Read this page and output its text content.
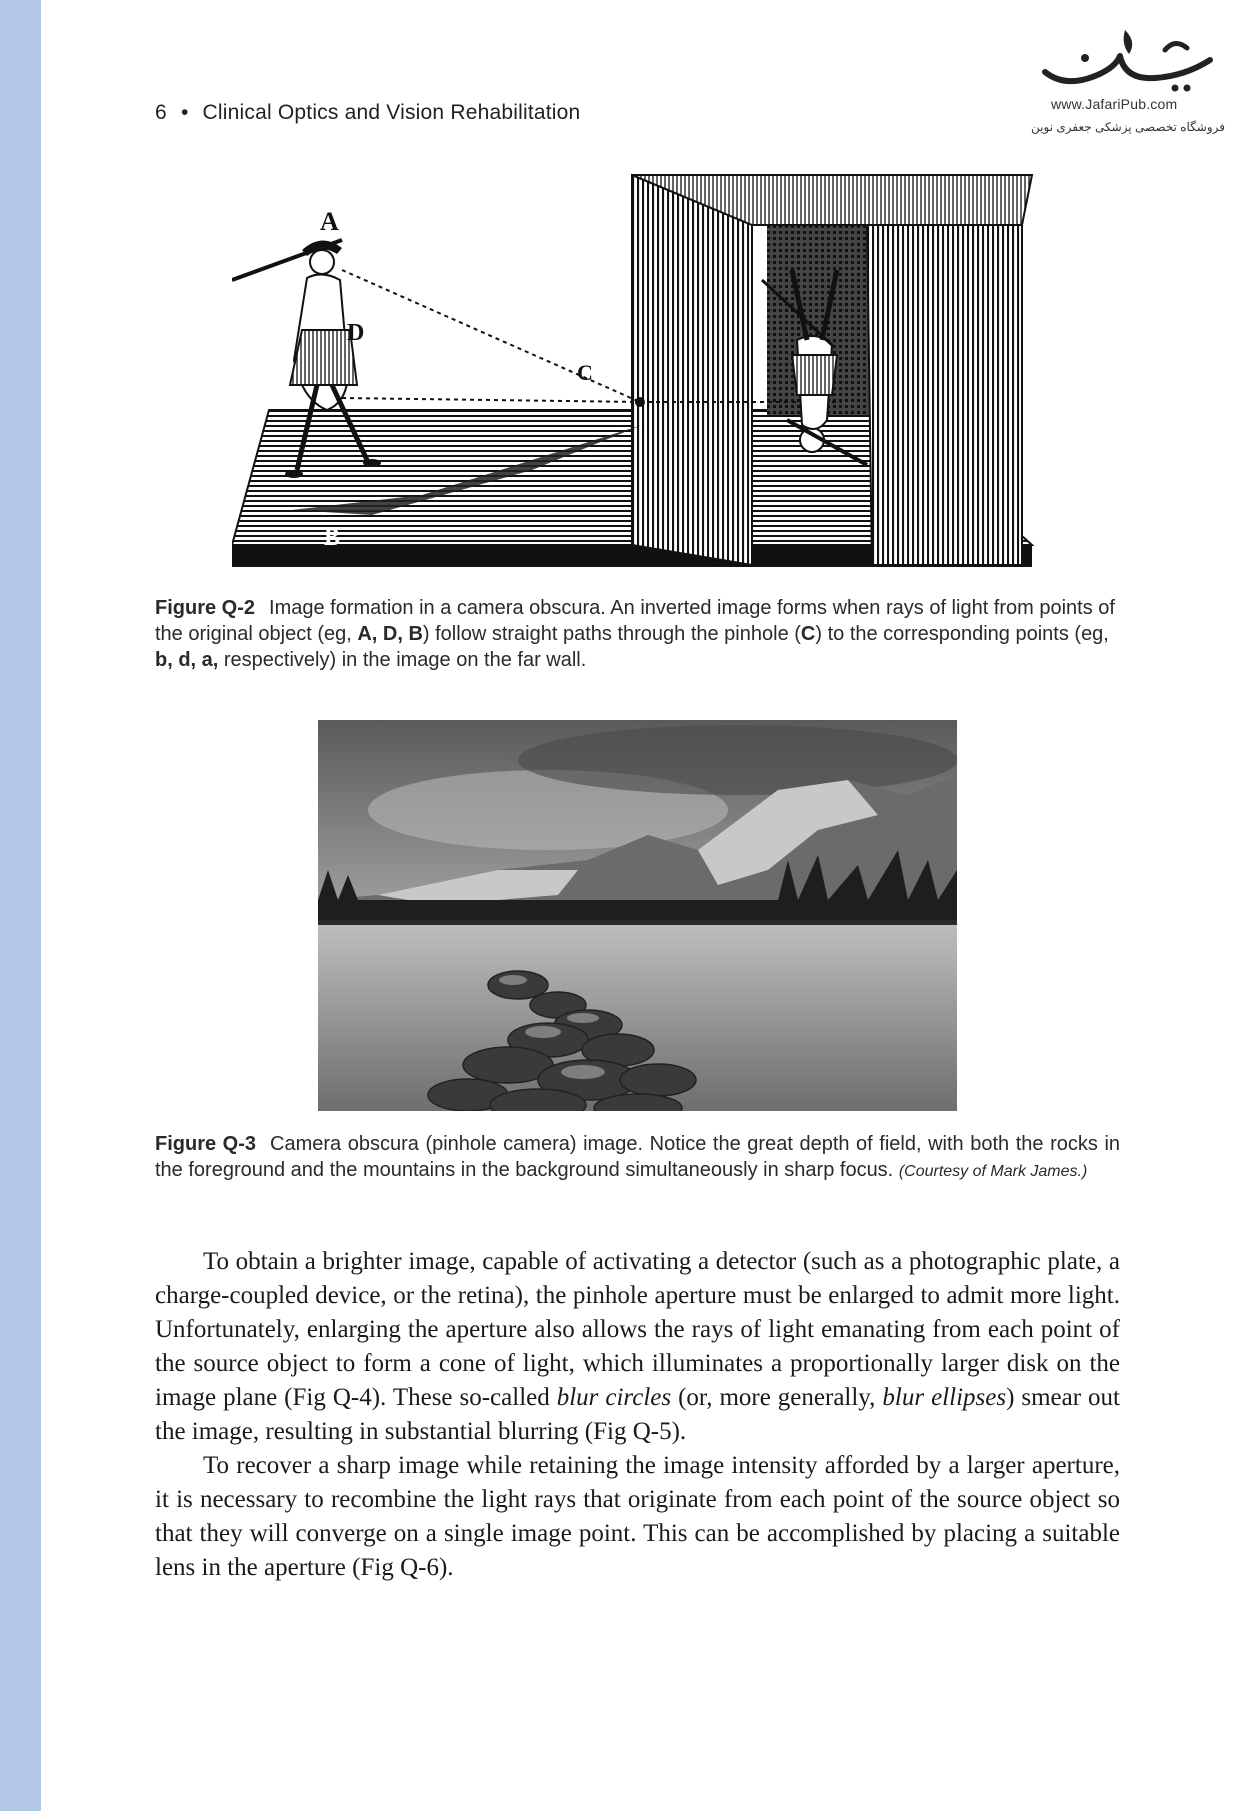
6 • Clinical Optics and Vision Rehabilitation	www.JafariPub.com
فروشگاه تخصصی پزشکی جعفری نوین
A
D
B
C
Figure Q-2 Image formation in a camera obscura. An inverted image forms when rays of light from points of the original object (eg, A, D, B) follow straight paths through the pinhole (C) to the corresponding points (eg, b, d, a, respectively) in the image on the far wall.
Figure Q-3 Camera obscura (pinhole camera) image. Notice the great depth of field, with both the rocks in the foreground and the mountains in the background simultaneously in sharp focus. (Courtesy of Mark James.)

To obtain a brighter image, capable of activating a detector (such as a photographic plate, a charge-coupled device, or the retina), the pinhole aperture must be enlarged to admit more light. Unfortunately, enlarging the aperture also allows the rays of light emanating from each point of the source object to form a cone of light, which illuminates a proportionally larger disk on the image plane (Fig Q-4). These so-called blur circles (or, more generally, blur ellipses) smear out the image, resulting in substantial blurring (Fig Q-5).

To recover a sharp image while retaining the image intensity afforded by a larger aperture, it is necessary to recombine the light rays that originate from each point of the source object so that they will converge on a single image point. This can be accomplished by placing a suitable lens in the aperture (Fig Q-6).
